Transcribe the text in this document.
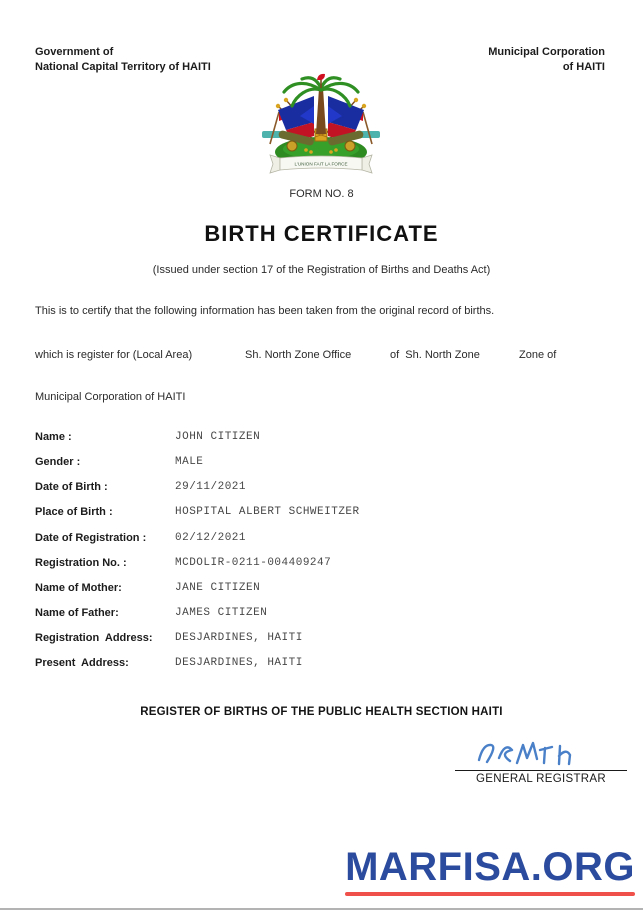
Government of
National Capital Territory of HAITI
Municipal Corporation
of HAITI
L'UNION FAIT LA FORCE
FORM NO. 8
BIRTH CERTIFICATE
(Issued under section 17 of the Registration of Births and Deaths Act)
This is to certify that the following information has been taken from the original record of births.
which is register for (Local Area)	Sh. North Zone Office	of  Sh. North Zone	Zone of
Municipal Corporation of HAITI
Name :	JOHN CITIZEN
Gender :	MALE
Date of Birth :	29/11/2021
Place of Birth :	HOSPITAL ALBERT SCHWEITZER
Date of Registration :	02/12/2021
Registration No. :	MCDOLIR-0211-004409247
Name of Mother:	JANE CITIZEN
Name of Father:	JAMES CITIZEN
Registration  Address: DESJARDINES, HAITI
Present  Address:	DESJARDINES, HAITI
REGISTER OF BIRTHS OF THE PUBLIC HEALTH SECTION HAITI
GENERAL REGISTRAR
MARFISA.ORG
